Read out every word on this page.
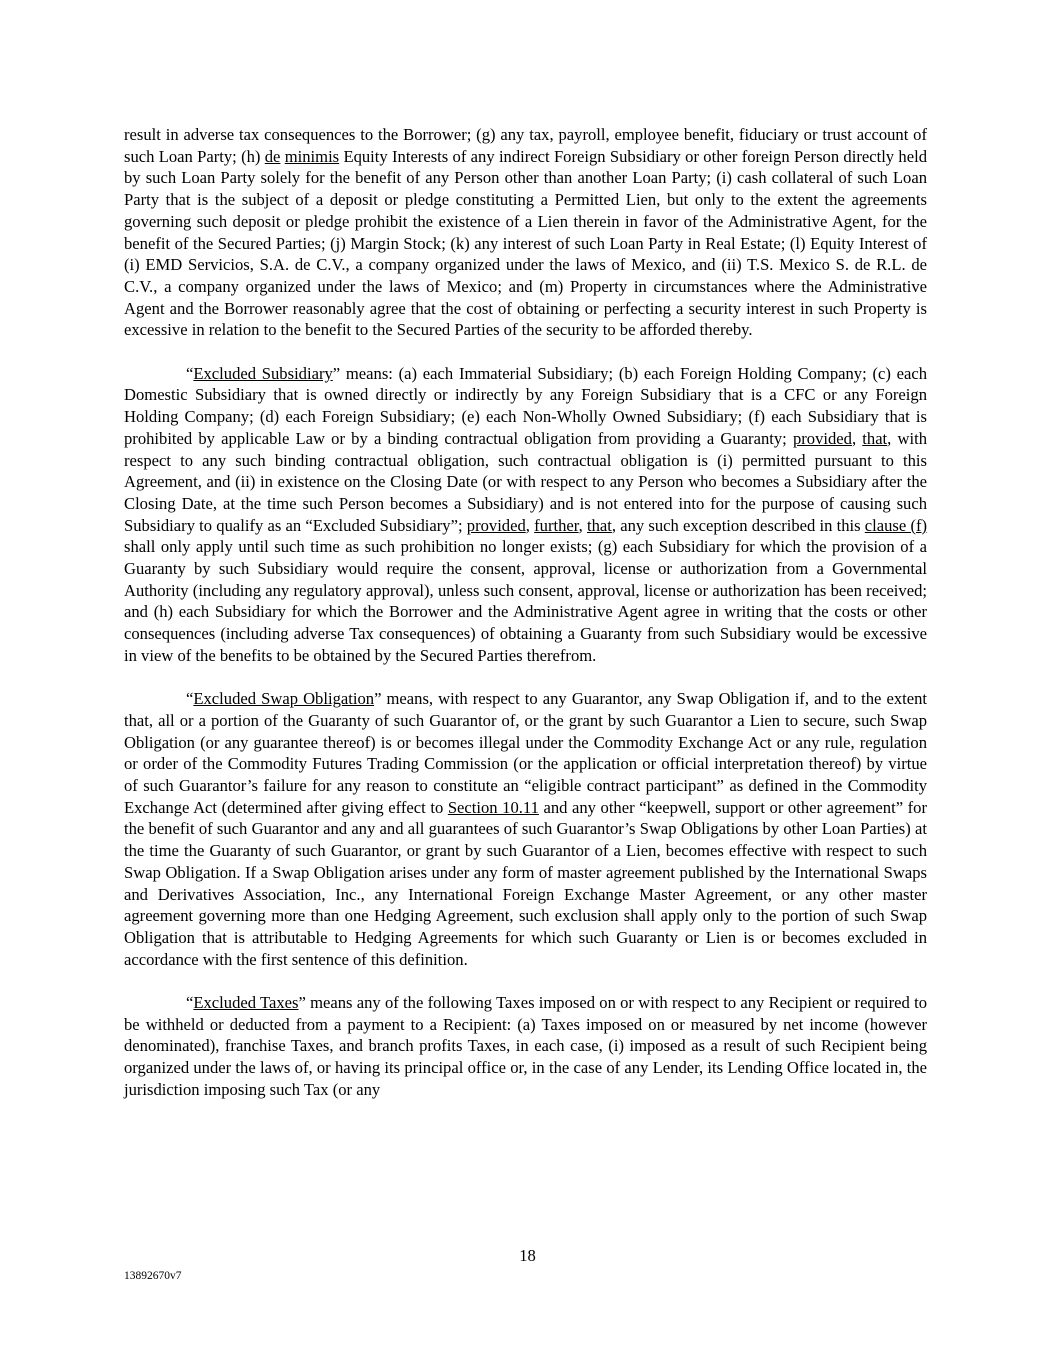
result in adverse tax consequences to the Borrower; (g) any tax, payroll, employee benefit, fiduciary or trust account of such Loan Party; (h) de minimis Equity Interests of any indirect Foreign Subsidiary or other foreign Person directly held by such Loan Party solely for the benefit of any Person other than another Loan Party; (i) cash collateral of such Loan Party that is the subject of a deposit or pledge constituting a Permitted Lien, but only to the extent the agreements governing such deposit or pledge prohibit the existence of a Lien therein in favor of the Administrative Agent, for the benefit of the Secured Parties; (j) Margin Stock; (k) any interest of such Loan Party in Real Estate; (l) Equity Interest of (i) EMD Servicios, S.A. de C.V., a company organized under the laws of Mexico, and (ii) T.S. Mexico S. de R.L. de C.V., a company organized under the laws of Mexico; and (m) Property in circumstances where the Administrative Agent and the Borrower reasonably agree that the cost of obtaining or perfecting a security interest in such Property is excessive in relation to the benefit to the Secured Parties of the security to be afforded thereby.

“Excluded Subsidiary” means: (a) each Immaterial Subsidiary; (b) each Foreign Holding Company; (c) each Domestic Subsidiary that is owned directly or indirectly by any Foreign Subsidiary that is a CFC or any Foreign Holding Company; (d) each Foreign Subsidiary; (e) each Non-Wholly Owned Subsidiary; (f) each Subsidiary that is prohibited by applicable Law or by a binding contractual obligation from providing a Guaranty; provided, that, with respect to any such binding contractual obligation, such contractual obligation is (i) permitted pursuant to this Agreement, and (ii) in existence on the Closing Date (or with respect to any Person who becomes a Subsidiary after the Closing Date, at the time such Person becomes a Subsidiary) and is not entered into for the purpose of causing such Subsidiary to qualify as an “Excluded Subsidiary”; provided, further, that, any such exception described in this clause (f) shall only apply until such time as such prohibition no longer exists; (g) each Subsidiary for which the provision of a Guaranty by such Subsidiary would require the consent, approval, license or authorization from a Governmental Authority (including any regulatory approval), unless such consent, approval, license or authorization has been received; and (h) each Subsidiary for which the Borrower and the Administrative Agent agree in writing that the costs or other consequences (including adverse Tax consequences) of obtaining a Guaranty from such Subsidiary would be excessive in view of the benefits to be obtained by the Secured Parties therefrom.

“Excluded Swap Obligation” means, with respect to any Guarantor, any Swap Obligation if, and to the extent that, all or a portion of the Guaranty of such Guarantor of, or the grant by such Guarantor a Lien to secure, such Swap Obligation (or any guarantee thereof) is or becomes illegal under the Commodity Exchange Act or any rule, regulation or order of the Commodity Futures Trading Commission (or the application or official interpretation thereof) by virtue of such Guarantor’s failure for any reason to constitute an “eligible contract participant” as defined in the Commodity Exchange Act (determined after giving effect to Section 10.11 and any other “keepwell, support or other agreement” for the benefit of such Guarantor and any and all guarantees of such Guarantor’s Swap Obligations by other Loan Parties) at the time the Guaranty of such Guarantor, or grant by such Guarantor of a Lien, becomes effective with respect to such Swap Obligation. If a Swap Obligation arises under any form of master agreement published by the International Swaps and Derivatives Association, Inc., any International Foreign Exchange Master Agreement, or any other master agreement governing more than one Hedging Agreement, such exclusion shall apply only to the portion of such Swap Obligation that is attributable to Hedging Agreements for which such Guaranty or Lien is or becomes excluded in accordance with the first sentence of this definition.

“Excluded Taxes” means any of the following Taxes imposed on or with respect to any Recipient or required to be withheld or deducted from a payment to a Recipient: (a) Taxes imposed on or measured by net income (however denominated), franchise Taxes, and branch profits Taxes, in each case, (i) imposed as a result of such Recipient being organized under the laws of, or having its principal office or, in the case of any Lender, its Lending Office located in, the jurisdiction imposing such Tax (or any

18
13892670v7
